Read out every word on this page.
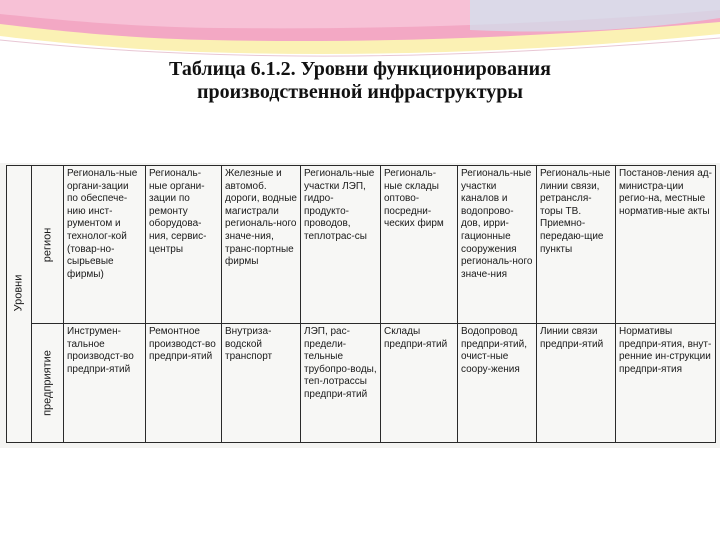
Таблица 6.1.2. Уровни функционирования
производственной инфраструктуры
Уровни	регион	Региональ-ные органи-зации по обеспече-нию инст-рументом и технолог-кой (товар-но-сырьевые фирмы)	Региональ-ные органи-зации по ремонту оборудова-ния, сервис-центры	Железные и автомоб. дороги, водные магистрали региональ-ного значе-ния, транс-портные фирмы	Региональ-ные участки ЛЭП, гидро-продукто-проводов, теплотрас-сы	Региональ-ные склады оптово-посредни-ческих фирм	Региональ-ные участки каналов и водопрово-дов, ирри-гационные сооружения региональ-ного значе-ния	Региональ-ные линии связи, ретрансля-торы ТВ. Приемно-передаю-щие пункты	Постанов-ления ад-министра-ции регио-на, местные норматив-ные акты

	предприятие	Инструмен-тальное производст-во предпри-ятий	Ремонтное производст-во предпри-ятий	Внутриза-водской транспорт	ЛЭП, рас-предели-тельные трубопро-воды, теп-лотрассы предпри-ятий	Склады предпри-ятий	Водопровод предпри-ятий, очист-ные соору-жения	Линии связи предпри-ятий	Нормативы предпри-ятия, внут-ренние ин-струкции предпри-ятия
